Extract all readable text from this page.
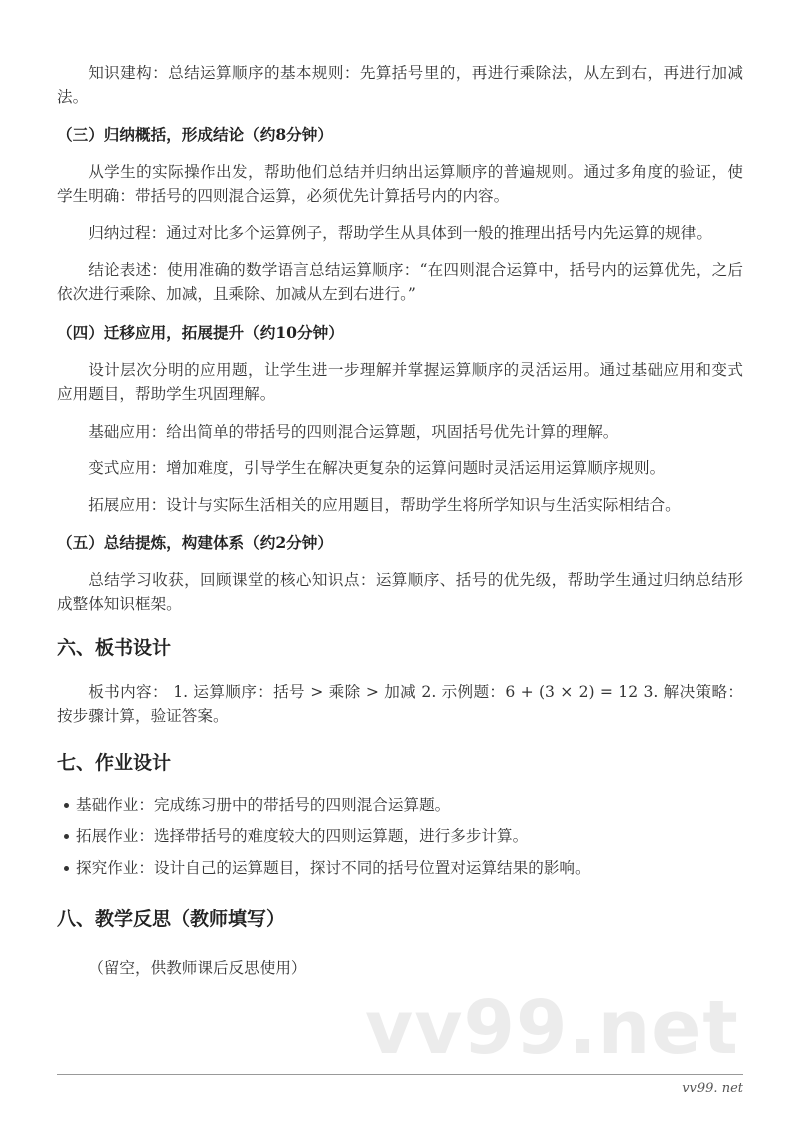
知识建构：总结运算顺序的基本规则：先算括号里的，再进行乘除法，从左到右，再进行加减法。
（三）归纳概括，形成结论（约8分钟）
从学生的实际操作出发，帮助他们总结并归纳出运算顺序的普遍规则。通过多角度的验证，使学生明确：带括号的四则混合运算，必须优先计算括号内的内容。
归纳过程：通过对比多个运算例子，帮助学生从具体到一般的推理出括号内先运算的规律。
结论表述：使用准确的数学语言总结运算顺序：“在四则混合运算中，括号内的运算优先，之后依次进行乘除、加减，且乘除、加减从左到右进行。”
（四）迁移应用，拓展提升（约10分钟）
设计层次分明的应用题，让学生进一步理解并掌握运算顺序的灵活运用。通过基础应用和变式应用题目，帮助学生巩固理解。
基础应用：给出简单的带括号的四则混合运算题，巩固括号优先计算的理解。
变式应用：增加难度，引导学生在解决更复杂的运算问题时灵活运用运算顺序规则。
拓展应用：设计与实际生活相关的应用题目，帮助学生将所学知识与生活实际相结合。
（五）总结提炼，构建体系（约2分钟）
总结学习收获，回顾课堂的核心知识点：运算顺序、括号的优先级，帮助学生通过归纳总结形成整体知识框架。
六、板书设计
板书内容： 1. 运算顺序：括号 > 乘除 > 加减 2. 示例题：6 + (3 × 2) = 12 3. 解决策略：按步骤计算，验证答案。
七、作业设计
基础作业：完成练习册中的带括号的四则混合运算题。
拓展作业：选择带括号的难度较大的四则运算题，进行多步计算。
探究作业：设计自己的运算题目，探讨不同的括号位置对运算结果的影响。
八、教学反思（教师填写）
（留空，供教师课后反思使用）
vv99.net
vv99. net
